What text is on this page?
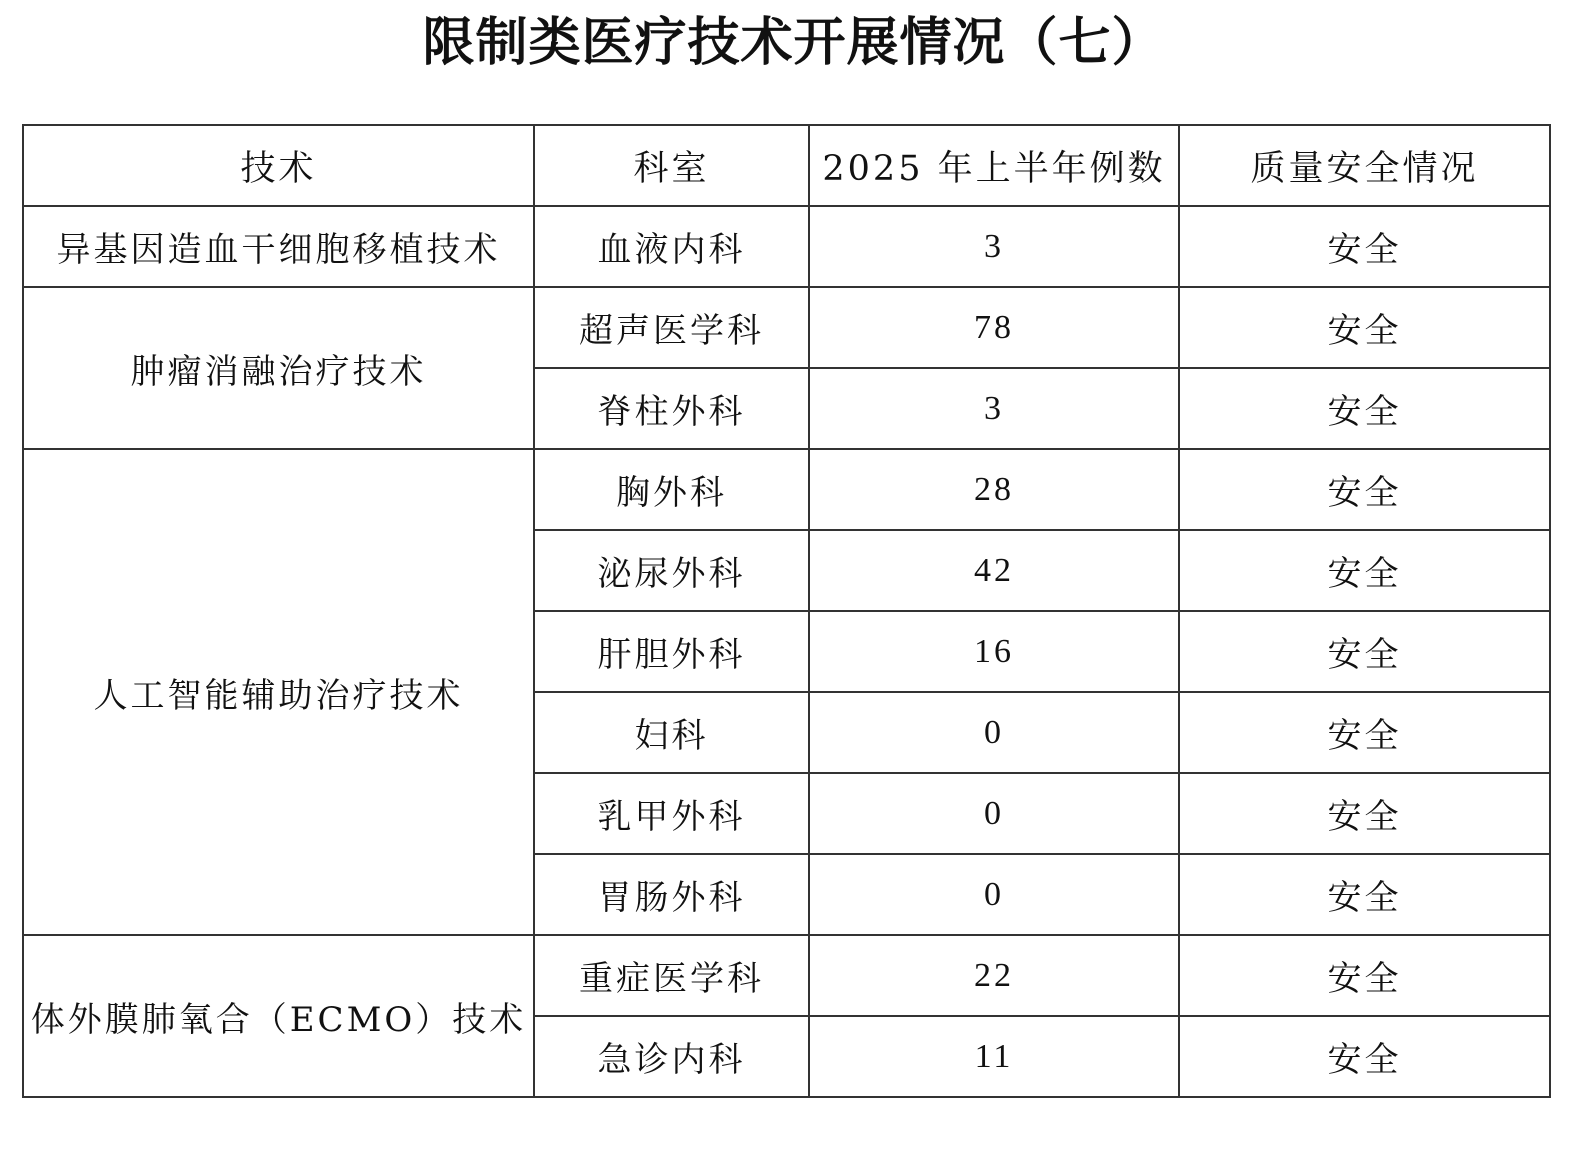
限制类医疗技术开展情况（七）
技术	科室	2025 年上半年例数	质量安全情况
异基因造血干细胞移植技术	血液内科	3	安全
肿瘤消融治疗技术	超声医学科	78	安全
	脊柱外科	3	安全
人工智能辅助治疗技术	胸外科	28	安全
	泌尿外科	42	安全
	肝胆外科	16	安全
	妇科	0	安全
	乳甲外科	0	安全
	胃肠外科	0	安全
体外膜肺氧合（ECMO）技术	重症医学科	22	安全
	急诊内科	11	安全
